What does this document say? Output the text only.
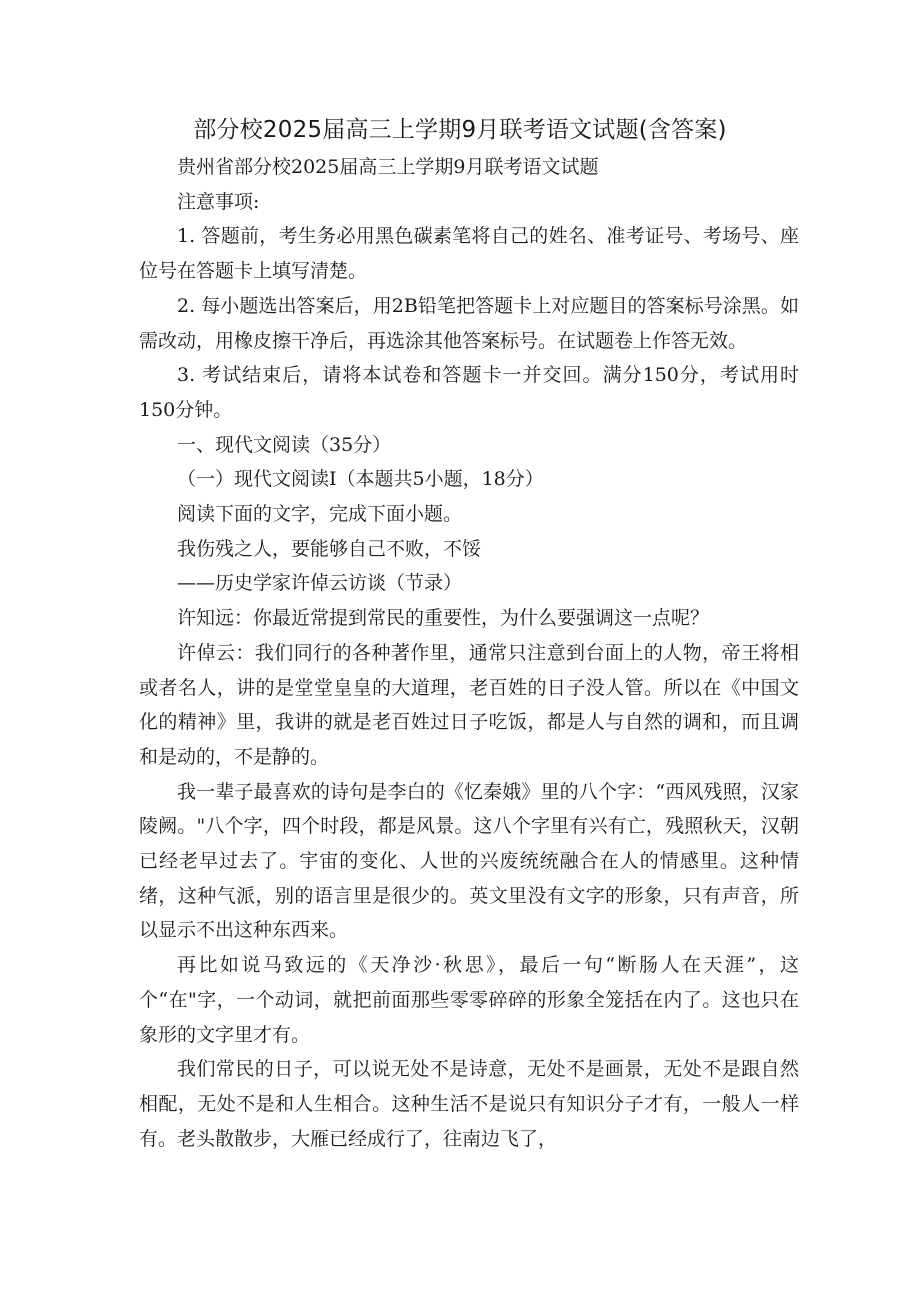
部分校2025届高三上学期9月联考语文试题(含答案)

贵州省部分校2025届高三上学期9月联考语文试题

注意事项:

1. 答题前，考生务必用黑色碳素笔将自己的姓名、准考证号、考场号、座位号在答题卡上填写清楚。

2. 每小题选出答案后，用2B铅笔把答题卡上对应题目的答案标号涂黑。如需改动，用橡皮擦干净后，再选涂其他答案标号。在试题卷上作答无效。

3. 考试结束后，请将本试卷和答题卡一并交回。满分150分，考试用时150分钟。

一、现代文阅读（35分）

（一）现代文阅读Ⅰ（本题共5小题，18分）

阅读下面的文字，完成下面小题。

我伤残之人，要能够自己不败，不馁

——历史学家许倬云访谈（节录）

许知远：你最近常提到常民的重要性，为什么要强调这一点呢？

许倬云：我们同行的各种著作里，通常只注意到台面上的人物，帝王将相或者名人，讲的是堂堂皇皇的大道理，老百姓的日子没人管。所以在《中国文化的精神》里，我讲的就是老百姓过日子吃饭，都是人与自然的调和，而且调和是动的，不是静的。

我一辈子最喜欢的诗句是李白的《忆秦娥》里的八个字：“西风残照，汉家陵阙。"八个字，四个时段，都是风景。这八个字里有兴有亡，残照秋天，汉朝已经老早过去了。宇宙的变化、人世的兴废统统融合在人的情感里。这种情绪，这种气派，别的语言里是很少的。英文里没有文字的形象，只有声音，所以显示不出这种东西来。

再比如说马致远的《天净沙·秋思》，最后一句“断肠人在天涯”，这个“在"字，一个动词，就把前面那些零零碎碎的形象全笼括在内了。这也只在象形的文字里才有。

我们常民的日子，可以说无处不是诗意，无处不是画景，无处不是跟自然相配，无处不是和人生相合。这种生活不是说只有知识分子才有，一般人一样有。老头散散步，大雁已经成行了，往南边飞了，
